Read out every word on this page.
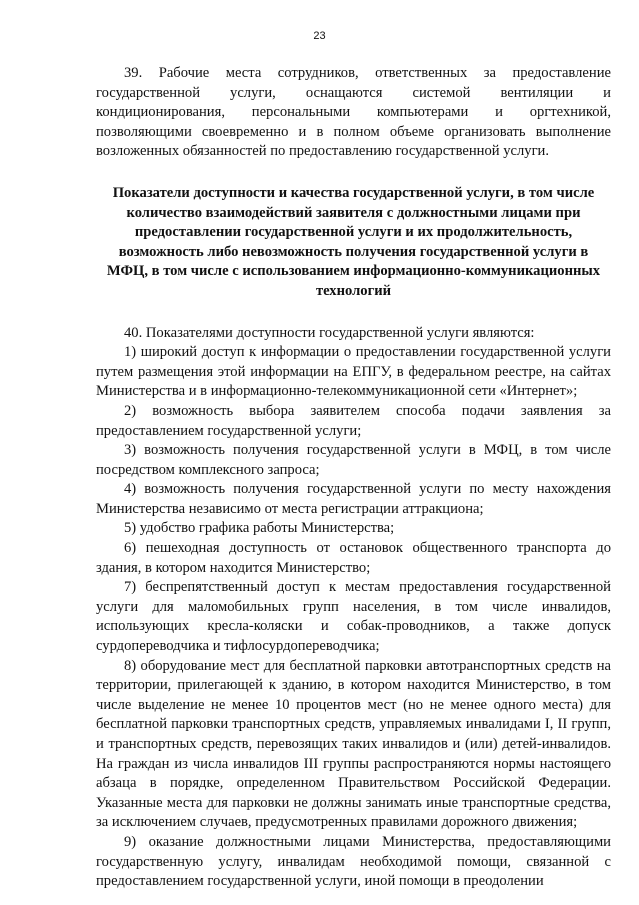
23

39. Рабочие места сотрудников, ответственных за предоставление государственной услуги, оснащаются системой вентиляции и кондиционирования, персональными компьютерами и оргтехникой, позволяющими своевременно и в полном объеме организовать выполнение возложенных обязанностей по предоставлению государственной услуги.

Показатели доступности и качества государственной услуги, в том числе количество взаимодействий заявителя с должностными лицами при предоставлении государственной услуги и их продолжительность, возможность либо невозможность получения государственной услуги в МФЦ, в том числе с использованием информационно-коммуникационных технологий

40. Показателями доступности государственной услуги являются:

1) широкий доступ к информации о предоставлении государственной услуги путем размещения этой информации на ЕПГУ, в федеральном реестре, на сайтах Министерства и в информационно-телекоммуникационной сети «Интернет»;

2) возможность выбора заявителем способа подачи заявления за предоставлением государственной услуги;

3) возможность получения государственной услуги в МФЦ, в том числе посредством комплексного запроса;

4) возможность получения государственной услуги по месту нахождения Министерства независимо от места регистрации аттракциона;

5) удобство графика работы Министерства;

6) пешеходная доступность от остановок общественного транспорта до здания, в котором находится Министерство;

7) беспрепятственный доступ к местам предоставления государственной услуги для маломобильных групп населения, в том числе инвалидов, использующих кресла-коляски и собак-проводников, а также допуск сурдопереводчика и тифлосурдопереводчика;

8) оборудование мест для бесплатной парковки автотранспортных средств на территории, прилегающей к зданию, в котором находится Министерство, в том числе выделение не менее 10 процентов мест (но не менее одного места) для бесплатной парковки транспортных средств, управляемых инвалидами I, II групп, и транспортных средств, перевозящих таких инвалидов и (или) детей-инвалидов. На граждан из числа инвалидов III группы распространяются нормы настоящего абзаца в порядке, определенном Правительством Российской Федерации. Указанные места для парковки не должны занимать иные транспортные средства, за исключением случаев, предусмотренных правилами дорожного движения;

9) оказание должностными лицами Министерства, предоставляющими государственную услугу, инвалидам необходимой помощи, связанной с предоставлением государственной услуги, иной помощи в преодолении
